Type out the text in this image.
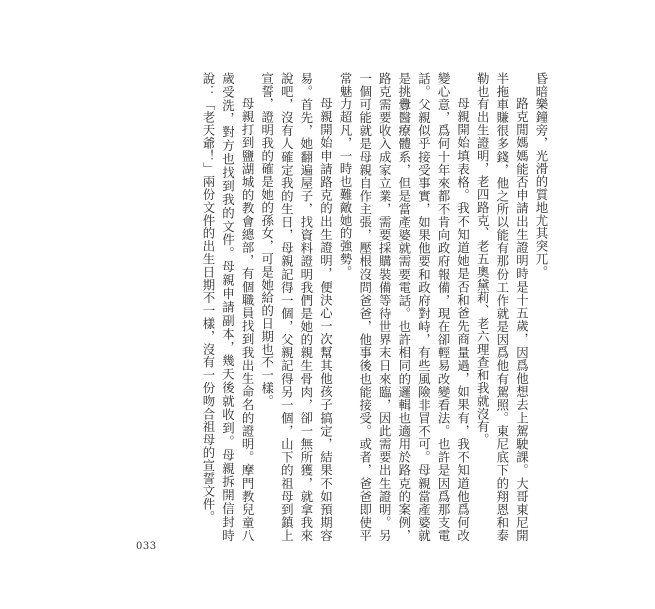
昏暗樂鐘旁，光滑的質地尤其突兀。

路克閒媽媽能否申請出生證明時是十五歲，因爲他想去上駕駛課。大哥東尼開半拖車賺很多錢，他之所以能有那份工作就是因爲他有駕照。東尼底下的翔恩和泰勒也有出生證明，老四路克、老五奧黛莉、老六理查和我就沒有。

母親開始填表格。我不知道她是否和爸先商量過，如果有，我不知道他爲何改變心意，爲何十年來都不肯向政府報備，現在卻輕易改變看法。也許是因爲那支電話。父親似乎接受事實，如果他要和政府對峙，有些風險非冒不可。母親當產婆就是挑釁醫療體系，但是當產婆就需要電話。也許相同的邏輯也適用於路克的案例，路克需要收入成家立業，需要採購裝備等待世界末日來臨，因此需要出生證明。另一個可能就是母親自作主張，壓根沒問爸爸，他事後也能接受。或者，爸爸即使平常魅力超凡，一時也難敵她的強勢。

母親開始申請路克的出生證明，便決心一次幫其他孩子搞定，結果不如預期容易。首先，她翻遍屋子，找資料證明我們是她的親生骨肉，卻一無所獲，就拿我來說吧，沒有人確定我的生日，母親記得一個，父親記得另一個，山下的祖母到鎮上宣誓，證明我的確是她的孫女，可是她給的日期也不一樣。

母親打到鹽湖城的教會總部，有個職員找到我出生命名的證明。摩門教兒童八歲受洗，對方也找到我的文件。母親申請副本，幾天後就收到。母親拆開信封時說：「老天爺！」兩份文件的出生日期不一樣，沒有一份吻合祖母的宣誓文件。

033
